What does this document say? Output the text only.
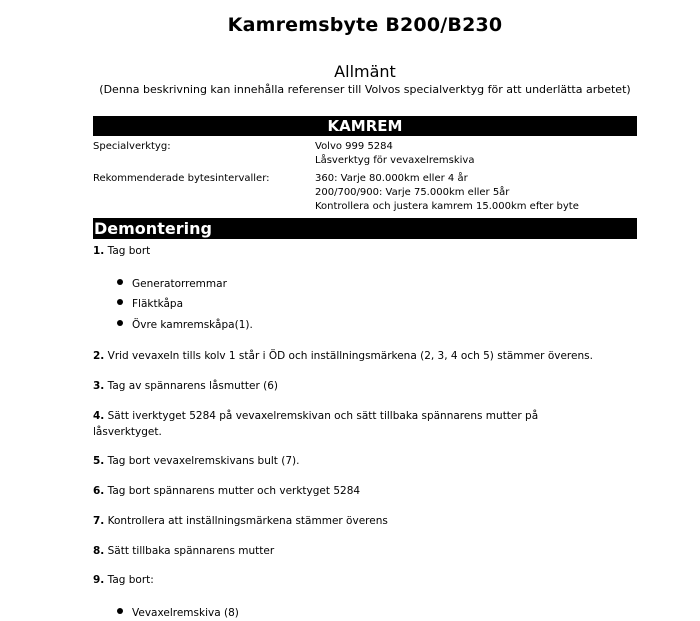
Kamremsbyte B200/B230
Allmänt
(Denna beskrivning kan innehålla referenser till Volvos specialverktyg för att underlätta arbetet)
KAMREM
Specialverktyg:	Volvo 999 5284
Låsverktyg för vevaxelremskiva
Rekommenderade bytesintervaller:	360: Varje 80.000km eller 4 år
200/700/900: Varje 75.000km eller 5år
Kontrollera och justera kamrem 15.000km efter byte
Demontering
1. Tag bort
Generatorremmar
Fläktkåpa
Övre kamremskåpa(1).
2. Vrid vevaxeln tills kolv 1 står i ÖD och inställningsmärkena (2, 3, 4 och 5) stämmer överens.
3. Tag av spännarens låsmutter (6)
4. Sätt iverktyget 5284 på vevaxelremskivan och sätt tillbaka spännarens mutter på låsverktyget.
5. Tag bort vevaxelremskivans bult (7).
6. Tag bort spännarens mutter och verktyget 5284
7. Kontrollera att inställningsmärkena stämmer överens
8. Sätt tillbaka spännarens mutter
9. Tag bort:
Vevaxelremskiva (8)
